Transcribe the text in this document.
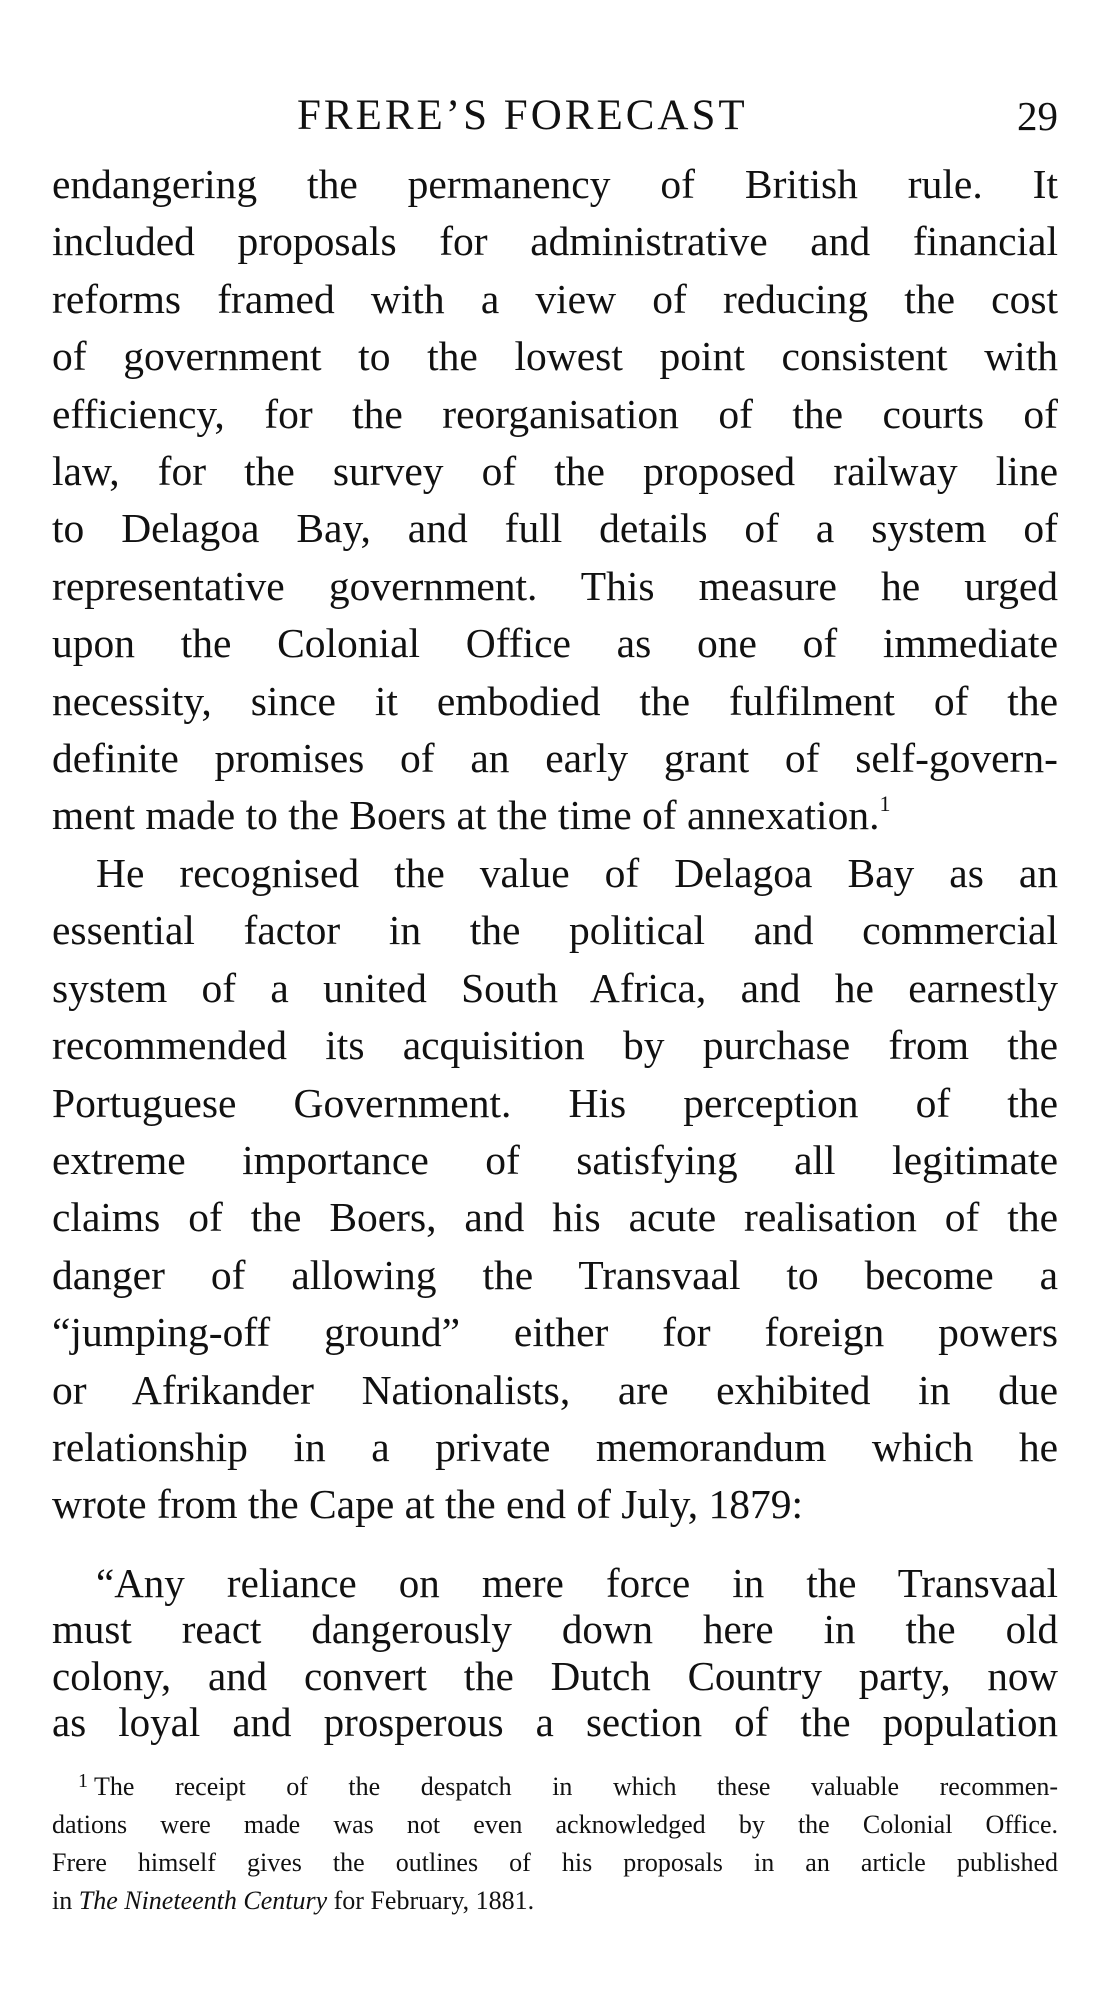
FRERE’S FORECAST	29

endangering the permanency of British rule. It

included proposals for administrative and financial

reforms framed with a view of reducing the cost

of government to the lowest point consistent with

efficiency, for the reorganisation of the courts of

law, for the survey of the proposed railway line

to Delagoa Bay, and full details of a system of

representative government. This measure he urged

upon the Colonial Office as one of immediate

necessity, since it embodied the fulfilment of the

definite promises of an early grant of self-govern-

ment made to the Boers at the time of annexation.$^1$

He recognised the value of Delagoa Bay as an

essential factor in the political and commercial

system of a united South Africa, and he earnestly

recommended its acquisition by purchase from the

Portuguese Government. His perception of the

extreme importance of satisfying all legitimate

claims of the Boers, and his acute realisation of the

danger of allowing the Transvaal to become a

“jumping-off ground” either for foreign powers

or Afrikander Nationalists, are exhibited in due

relationship in a private memorandum which he

wrote from the Cape at the end of July, 1879:

“Any reliance on mere force in the Transvaal

must react dangerously down here in the old

colony, and convert the Dutch Country party, now

as loyal and prosperous a section of the population

$^1$ The receipt of the despatch in which these valuable recommen-

dations were made was not even acknowledged by the Colonial Office.

Frere himself gives the outlines of his proposals in an article published

in The Nineteenth Century for February, 1881.
